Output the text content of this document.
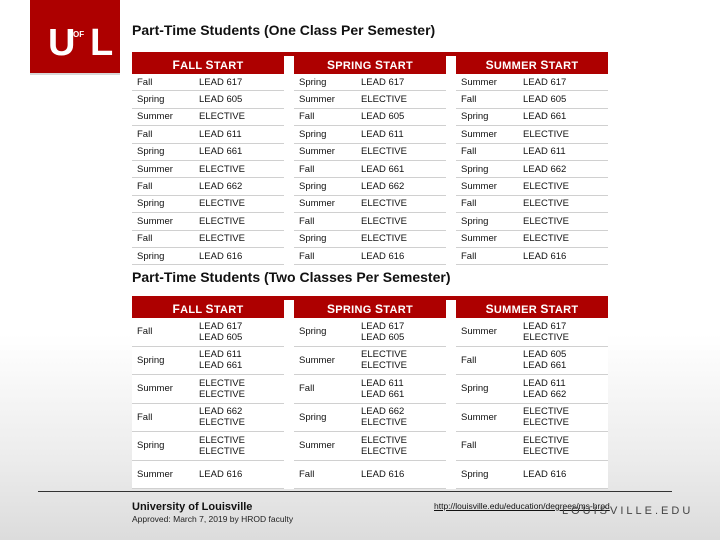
U OF L Part-Time Students (One Class Per Semester)
FALL START
Fall	LEAD 617
Spring	LEAD 605
Summer	ELECTIVE
Fall	LEAD 611
Spring	LEAD 661
Summer	ELECTIVE
Fall	LEAD 662
Spring	ELECTIVE
Summer	ELECTIVE
Fall	ELECTIVE
Spring	LEAD 616
SPRING START
Spring	LEAD 617
Summer	ELECTIVE
Fall	LEAD 605
Spring	LEAD 611
Summer	ELECTIVE
Fall	LEAD 661
Spring	LEAD 662
Summer	ELECTIVE
Fall	ELECTIVE
Spring	ELECTIVE
Fall	LEAD 616
SUMMER START
Summer	LEAD 617
Fall	LEAD 605
Spring	LEAD 661
Summer	ELECTIVE
Fall	LEAD 611
Spring	LEAD 662
Summer	ELECTIVE
Fall	ELECTIVE
Spring	ELECTIVE
Summer	ELECTIVE
Fall	LEAD 616
Part-Time Students (Two Classes Per Semester)
FALL START
Fall	LEAD 617
LEAD 605
Spring	LEAD 611
LEAD 661
Summer	ELECTIVE
ELECTIVE
Fall	LEAD 662
ELECTIVE
Spring	ELECTIVE
ELECTIVE
Summer	LEAD 616
SPRING START
Spring	LEAD 617
LEAD 605
Summer	ELECTIVE
ELECTIVE
Fall	LEAD 611
LEAD 661
Spring	LEAD 662
ELECTIVE
Summer	ELECTIVE
ELECTIVE
Fall	LEAD 616
SUMMER START
Summer	LEAD 617
ELECTIVE
Fall	LEAD 605
LEAD 661
Spring	LEAD 611
LEAD 662
Summer	ELECTIVE
ELECTIVE
Fall	ELECTIVE
ELECTIVE
Spring	LEAD 616
University of Louisville
Approved: March 7, 2019 by HROD faculty
http://louisville.edu/education/degrees/ms-hrod
LOUISVILLE.EDU
